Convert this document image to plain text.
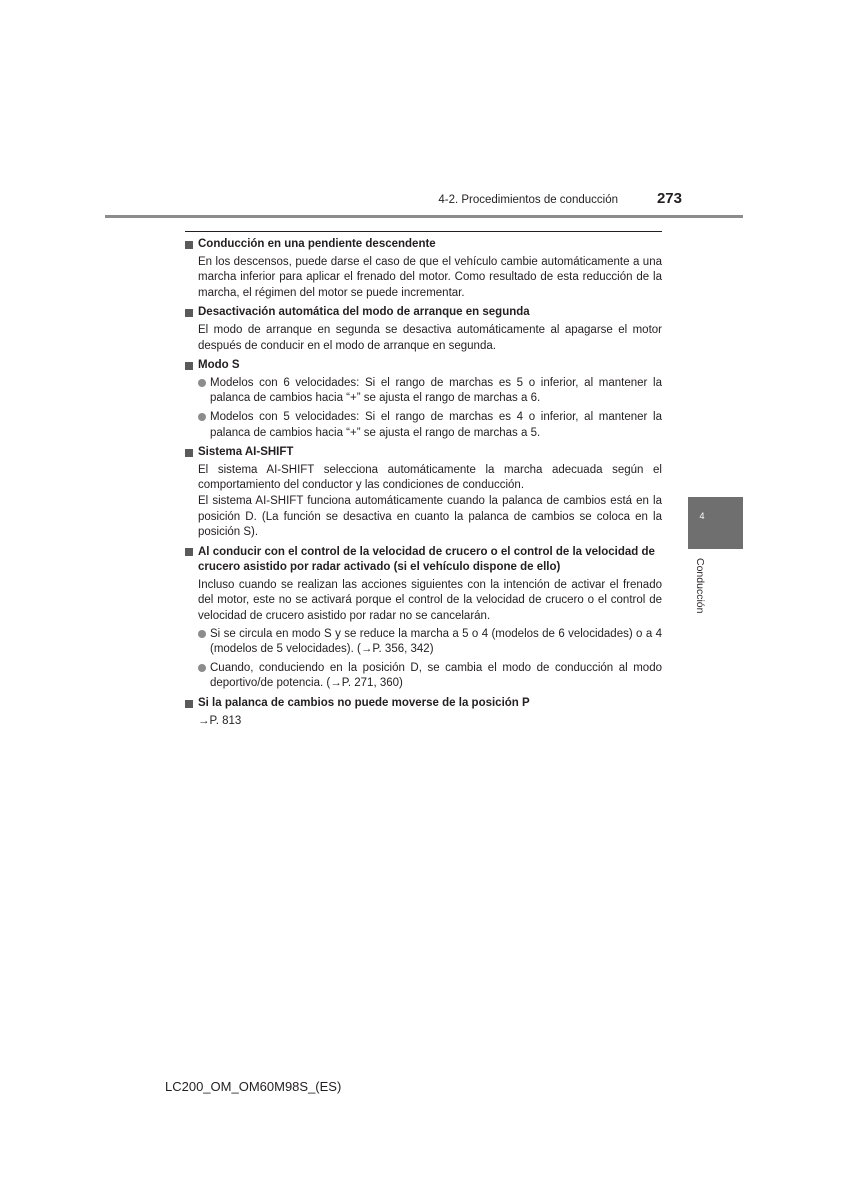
4-2. Procedimientos de conducción	273
Conducción en una pendiente descendente
En los descensos, puede darse el caso de que el vehículo cambie automáticamente a una marcha inferior para aplicar el frenado del motor. Como resultado de esta reducción de la marcha, el régimen del motor se puede incrementar.
Desactivación automática del modo de arranque en segunda
El modo de arranque en segunda se desactiva automáticamente al apagarse el motor después de conducir en el modo de arranque en segunda.
Modo S
Modelos con 6 velocidades: Si el rango de marchas es 5 o inferior, al mantener la palanca de cambios hacia “+” se ajusta el rango de marchas a 6.
Modelos con 5 velocidades: Si el rango de marchas es 4 o inferior, al mantener la palanca de cambios hacia “+” se ajusta el rango de marchas a 5.
Sistema AI-SHIFT
El sistema AI-SHIFT selecciona automáticamente la marcha adecuada según el comportamiento del conductor y las condiciones de conducción.
El sistema AI-SHIFT funciona automáticamente cuando la palanca de cambios está en la posición D. (La función se desactiva en cuanto la palanca de cambios se coloca en la posición S).
Al conducir con el control de la velocidad de crucero o el control de la velocidad de crucero asistido por radar activado (si el vehículo dispone de ello)
Incluso cuando se realizan las acciones siguientes con la intención de activar el frenado del motor, este no se activará porque el control de la velocidad de crucero o el control de velocidad de crucero asistido por radar no se cancelarán.
Si se circula en modo S y se reduce la marcha a 5 o 4 (modelos de 6 velocidades) o a 4 (modelos de 5 velocidades). (→P. 356, 342)
Cuando, conduciendo en la posición D, se cambia el modo de conducción al modo deportivo/de potencia. (→P. 271, 360)
Si la palanca de cambios no puede moverse de la posición P
→P. 813
4
Conducción
LC200_OM_OM60M98S_(ES)
